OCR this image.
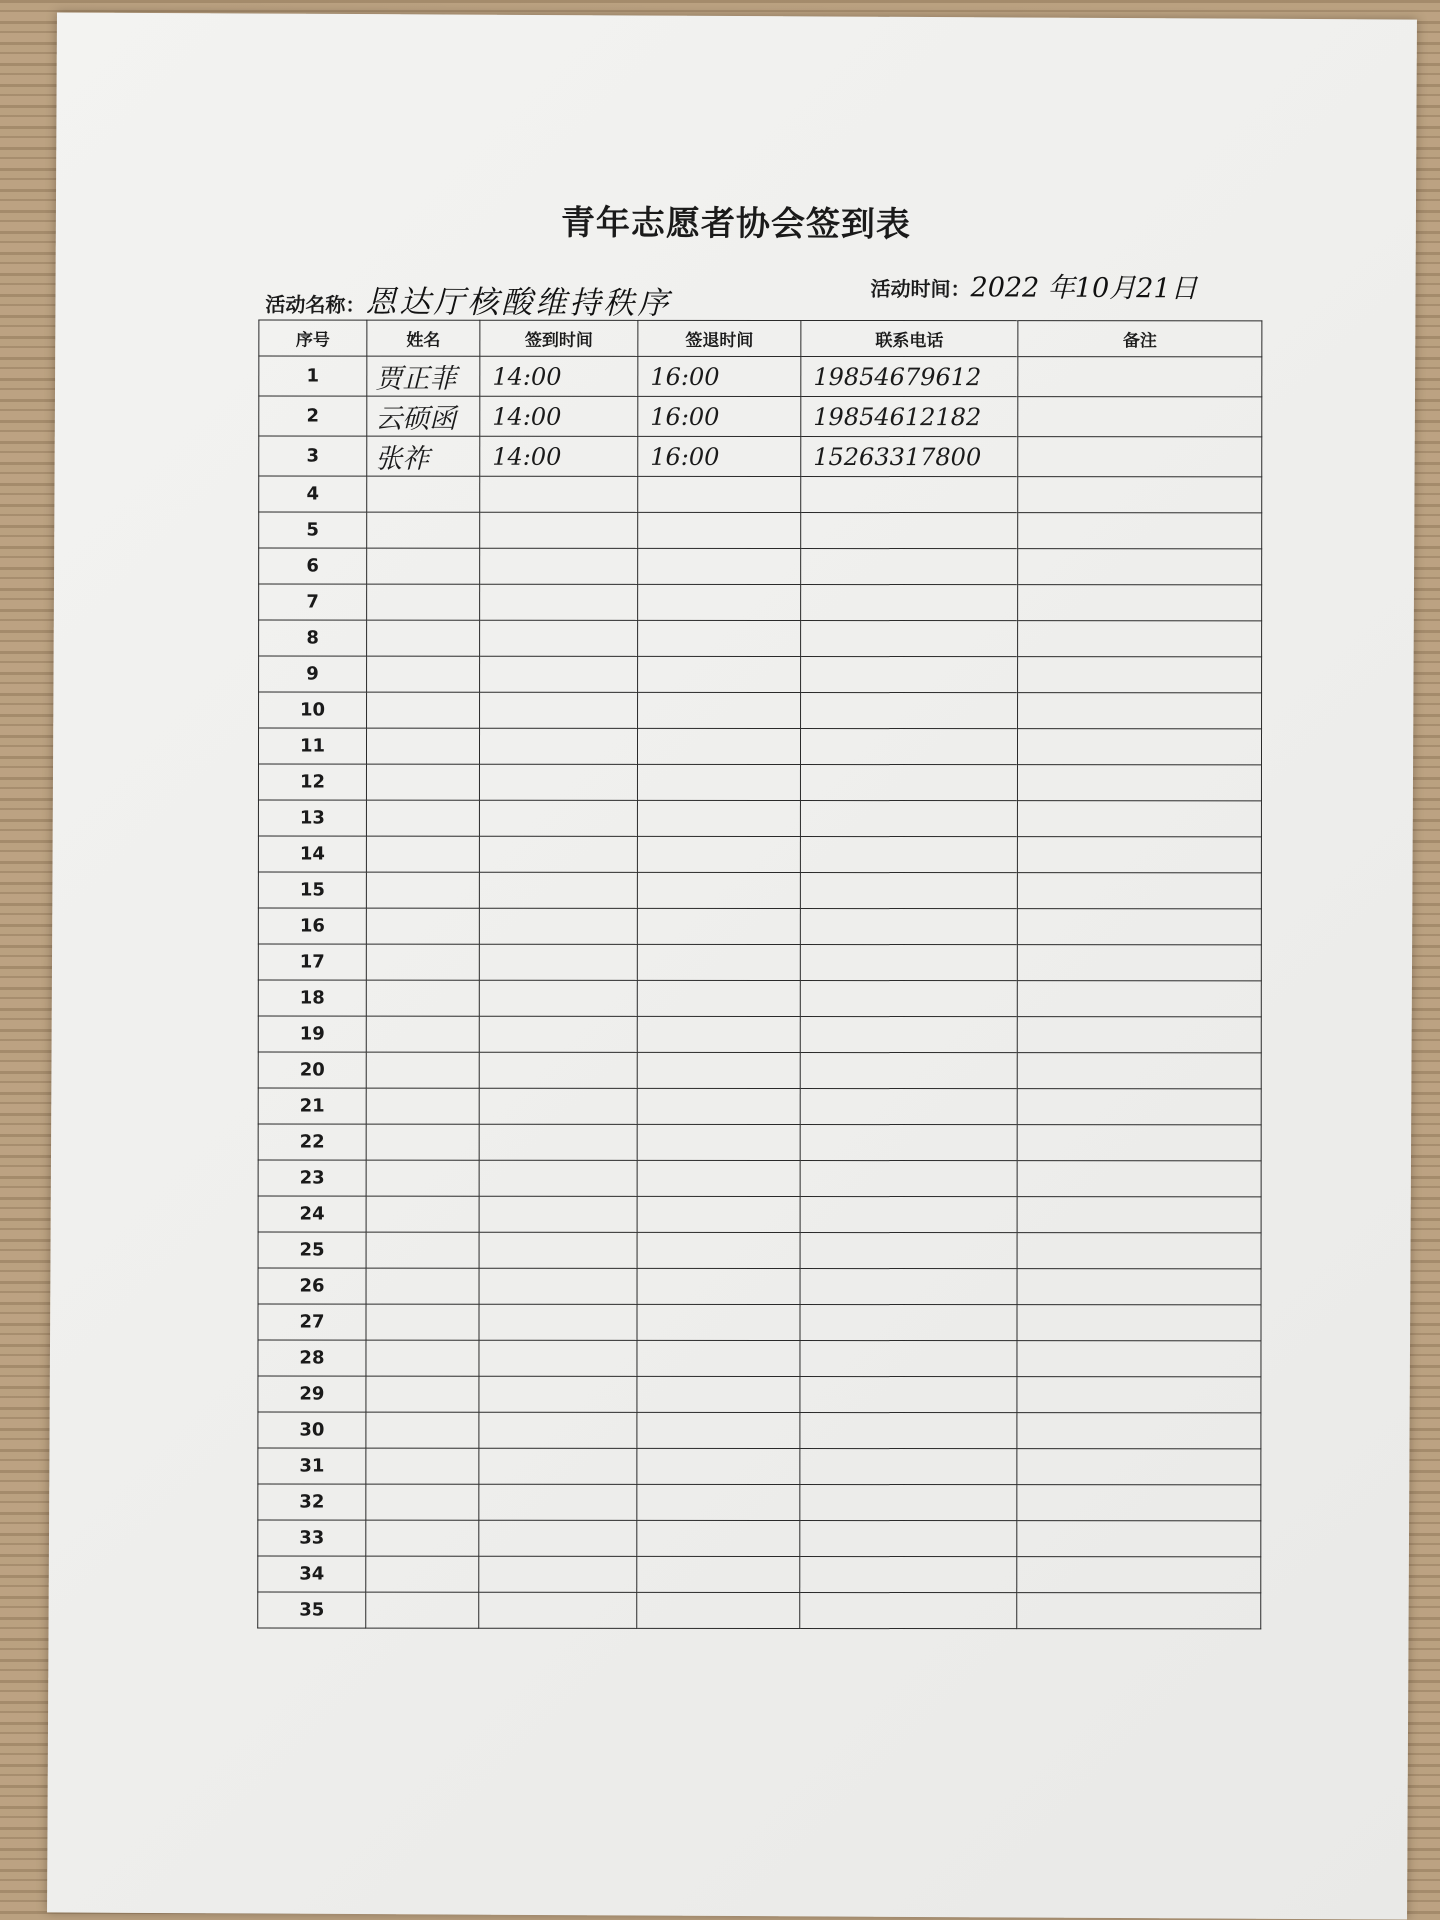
青年志愿者协会签到表
活动名称：恩达厅核酸维持秩序	活动时间：2022 年10月21日
序号	姓名	签到时间	签退时间	联系电话	备注
1	贾正菲	14:00	16:00	19854679612	
2	云硕函	14:00	16:00	19854612182	
3	张祚	14:00	16:00	15263317800	
4					
5					
6					
7					
8					
9					
10					
11					
12					
13					
14					
15					
16					
17					
18					
19					
20					
21					
22					
23					
24					
25					
26					
27					
28					
29					
30					
31					
32					
33					
34					
35					
